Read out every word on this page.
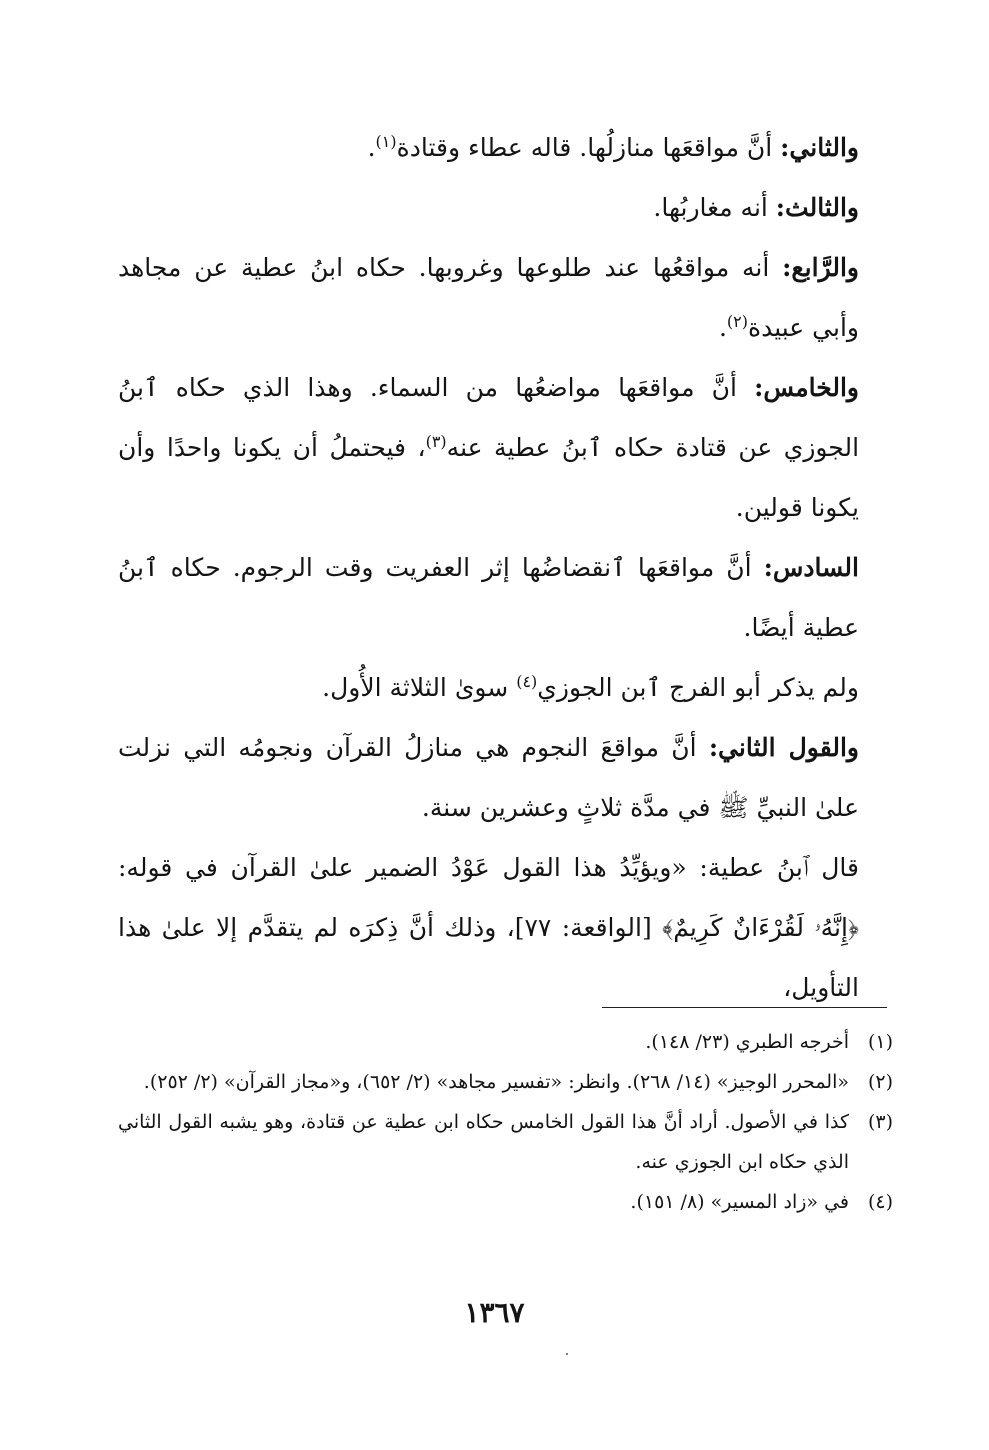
والثاني: أنَّ مواقعَها منازلُها. قاله عطاء وقتادة$^{(١)}$.

والثالث: أنه مغاربُها.

والرَّابع: أنه مواقعُها عند طلوعها وغروبها. حكاه ابنُ عطية عن مجاهد وأبي عبيدة$^{(٢)}$.

والخامس: أنَّ مواقعَها مواضعُها من السماء. وهذا الذي حكاه ٱبنُ الجوزي عن قتادة حكاه ٱبنُ عطية عنه$^{(٣)}$، فيحتملُ أن يكونا واحدًا وأن يكونا قولين.

السادس: أنَّ مواقعَها ٱنقضاضُها إثر العفريت وقت الرجوم. حكاه ٱبنُ عطية أيضًا.

ولم يذكر أبو الفرج ٱبن الجوزي$^{(٤)}$ سوىٰ الثلاثة الأُول.

والقول الثاني: أنَّ مواقعَ النجوم هي منازلُ القرآن ونجومُه التي نزلت علىٰ النبيِّ ﷺ في مدَّة ثلاثٍ وعشرين سنة.

قال ٱبنُ عطية: «ويؤيِّدُ هذا القول عَوْدُ الضمير علىٰ القرآن في قوله: ﴿إِنَّهُۥ لَقُرْءَانٌ كَرِيمٌ﴾ [الواقعة: ٧٧]، وذلك أنَّ ذِكرَه لم يتقدَّم إلا علىٰ هذا التأويل،

(١)
أخرجه الطبري (٢٣/ ١٤٨).
(٢)
«المحرر الوجيز» (١٤/ ٢٦٨). وانظر: «تفسير مجاهد» (٢/ ٦٥٢)، و«مجاز القرآن» (٢/ ٢٥٢).
(٣)
كذا في الأصول. أراد أنَّ هذا القول الخامس حكاه ابن عطية عن قتادة، وهو يشبه القول الثاني الذي حكاه ابن الجوزي عنه.
(٤)
في «زاد المسير» (٨/ ١٥١).
١٣٦٧
